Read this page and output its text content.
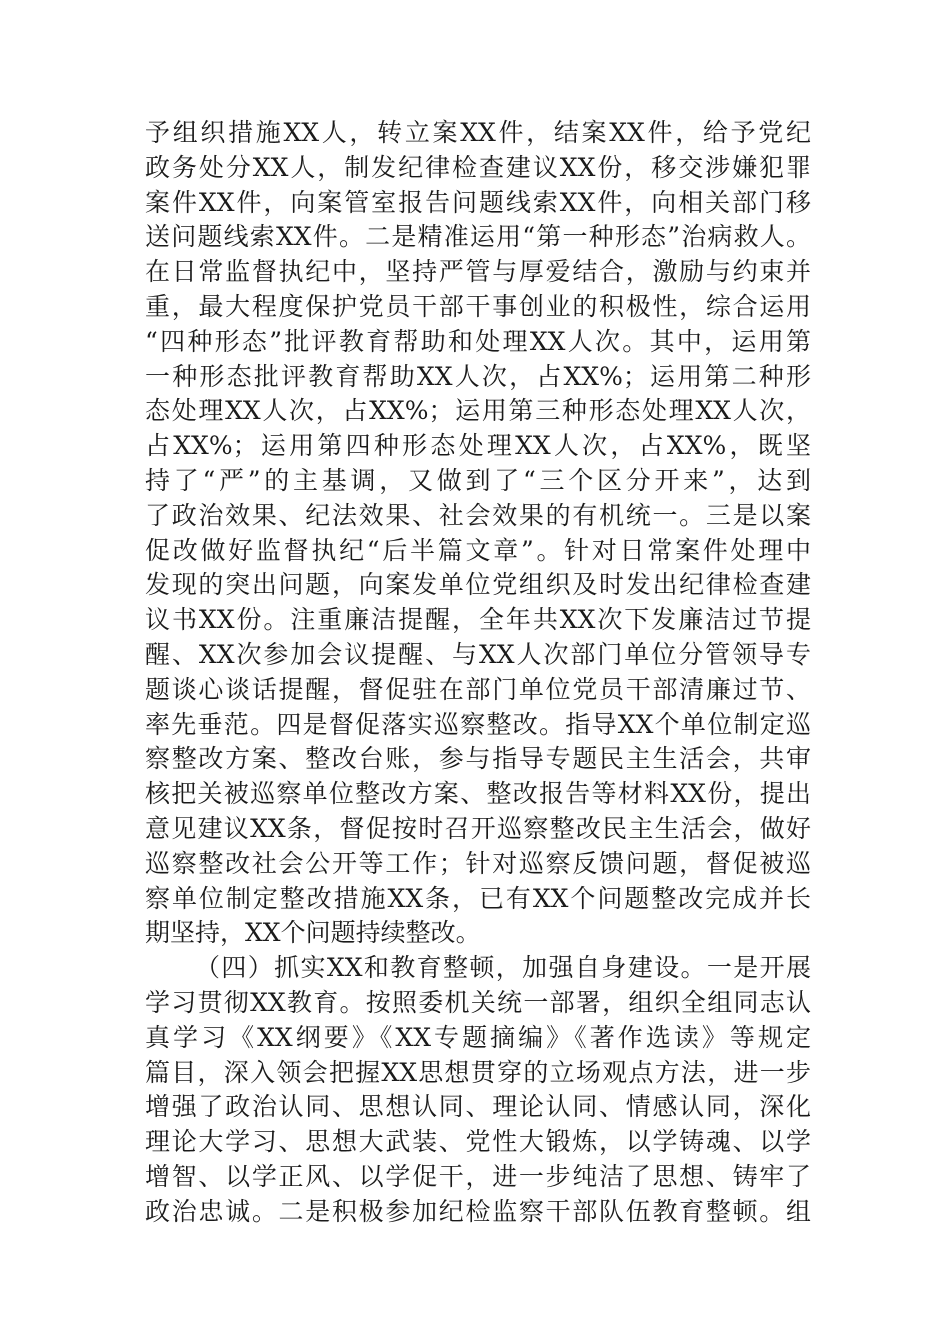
予组织措施XX人，转立案XX件，结案XX件，给予党纪
政务处分XX人，制发纪律检查建议XX份，移交涉嫌犯罪
案件XX件，向案管室报告问题线索XX件，向相关部门移
送问题线索XX件。二是精准运用“第一种形态”治病救人。
在日常监督执纪中，坚持严管与厚爱结合，激励与约束并
重，最大程度保护党员干部干事创业的积极性，综合运用
“四种形态”批评教育帮助和处理XX人次。其中，运用第
一种形态批评教育帮助XX人次，占XX%；运用第二种形
态处理XX人次，占XX%；运用第三种形态处理XX人次，
占XX%；运用第四种形态处理XX人次，占XX%，既坚
持了“严”的主基调，又做到了“三个区分开来”，达到
了政治效果、纪法效果、社会效果的有机统一。三是以案
促改做好监督执纪“后半篇文章”。针对日常案件处理中
发现的突出问题，向案发单位党组织及时发出纪律检查建
议书XX份。注重廉洁提醒，全年共XX次下发廉洁过节提
醒、XX次参加会议提醒、与XX人次部门单位分管领导专
题谈心谈话提醒，督促驻在部门单位党员干部清廉过节、
率先垂范。四是督促落实巡察整改。指导XX个单位制定巡
察整改方案、整改台账，参与指导专题民主生活会，共审
核把关被巡察单位整改方案、整改报告等材料XX份，提出
意见建议XX条，督促按时召开巡察整改民主生活会，做好
巡察整改社会公开等工作；针对巡察反馈问题，督促被巡
察单位制定整改措施XX条，已有XX个问题整改完成并长
期坚持，XX个问题持续整改。
（四）抓实XX和教育整顿，加强自身建设。一是开展
学习贯彻XX教育。按照委机关统一部署，组织全组同志认
真学习《XX纲要》《XX专题摘编》《著作选读》等规定
篇目，深入领会把握XX思想贯穿的立场观点方法，进一步
增强了政治认同、思想认同、理论认同、情感认同，深化
理论大学习、思想大武装、党性大锻炼，以学铸魂、以学
增智、以学正风、以学促干，进一步纯洁了思想、铸牢了
政治忠诚。二是积极参加纪检监察干部队伍教育整顿。组
